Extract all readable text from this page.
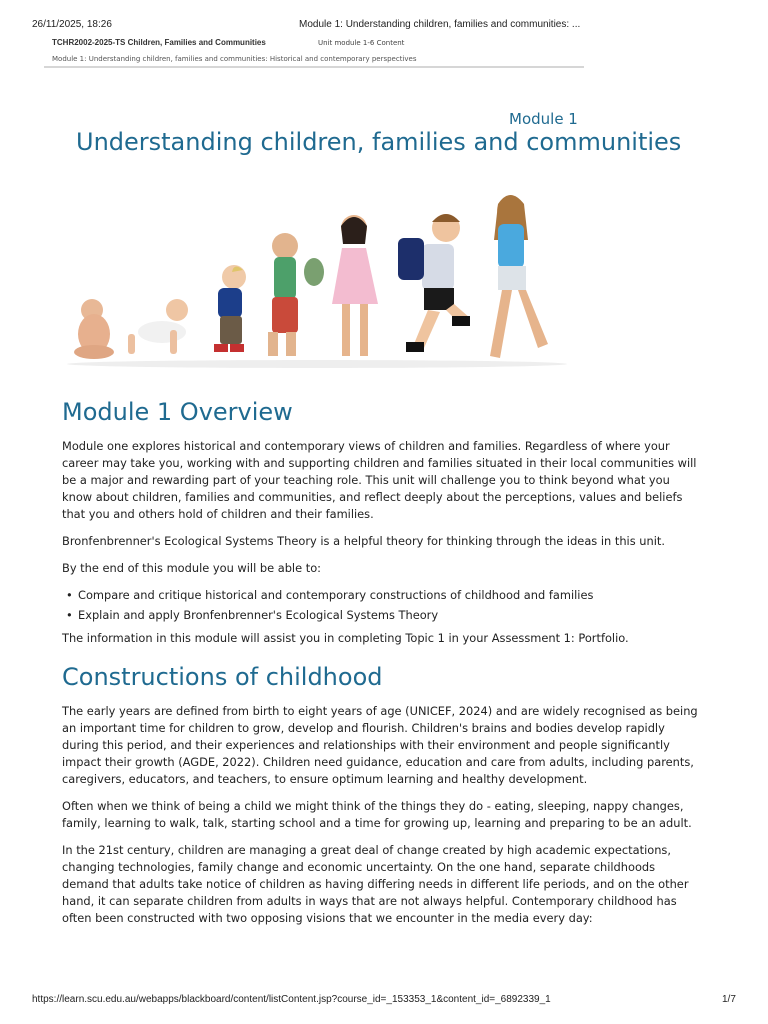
26/11/2025, 18:26	Module 1: Understanding children, families and communities: ...
TCHR2002-2025-TS Children, Families and Communities	Unit module 1-6 Content
Module 1: Understanding children, families and communities: Historical and contemporary perspectives
Module 1
Understanding children, families and communities
Module 1 Overview

Module one explores historical and contemporary views of children and families. Regardless of where your career may take you, working with and supporting children and families situated in their local communities will be a major and rewarding part of your teaching role. This unit will challenge you to think beyond what you know about children, families and communities, and reflect deeply about the perceptions, values and beliefs that you and others hold of children and their families.

Bronfenbrenner's Ecological Systems Theory is a helpful theory for thinking through the ideas in this unit.

By the end of this module you will be able to:

• Compare and critique historical and contemporary constructions of childhood and families
• Explain and apply Bronfenbrenner's Ecological Systems Theory

The information in this module will assist you in completing Topic 1 in your Assessment 1: Portfolio.

Constructions of childhood

The early years are defined from birth to eight years of age (UNICEF, 2024) and are widely recognised as being an important time for children to grow, develop and flourish. Children's brains and bodies develop rapidly during this period, and their experiences and relationships with their environment and people significantly impact their growth (AGDE, 2022). Children need guidance, education and care from adults, including parents, caregivers, educators, and teachers, to ensure optimum learning and healthy development.

Often when we think of being a child we might think of the things they do - eating, sleeping, nappy changes, family, learning to walk, talk, starting school and a time for growing up, learning and preparing to be an adult.

In the 21st century, children are managing a great deal of change created by high academic expectations, changing technologies, family change and economic uncertainty. On the one hand, separate childhoods demand that adults take notice of children as having differing needs in different life periods, and on the other hand, it can separate children from adults in ways that are not always helpful. Contemporary childhood has often been constructed with two opposing visions that we encounter in the media every day:

https://learn.scu.edu.au/webapps/blackboard/content/listContent.jsp?course_id=_153353_1&content_id=_6892339_1	1/7
